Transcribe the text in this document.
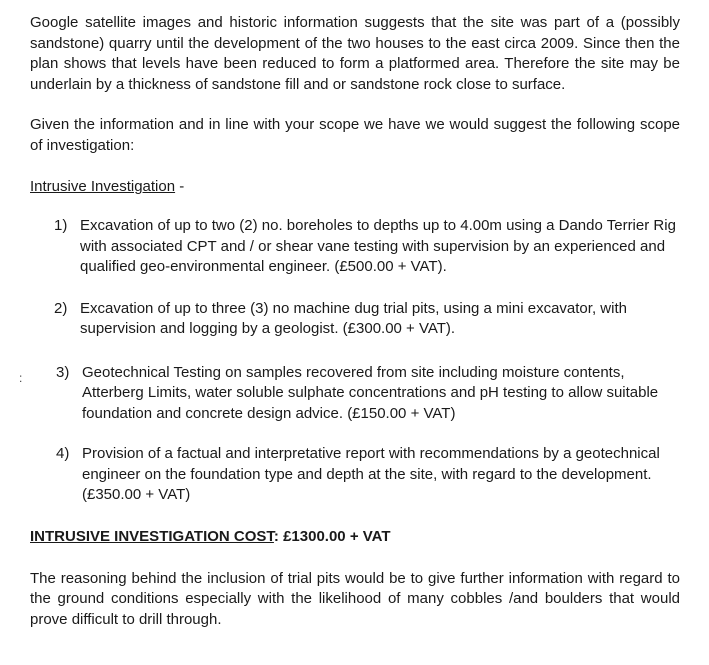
Google satellite images and historic information suggests that the site was part of a (possibly sandstone) quarry until the development of the two houses to the east circa 2009. Since then the plan shows that levels have been reduced to form a platformed area. Therefore the site may be underlain by a thickness of sandstone fill and or sandstone rock close to surface.

Given the information and in line with your scope we have we would suggest the following scope of investigation:

Intrusive Investigation -
1) Excavation of up to two (2) no. boreholes to depths up to 4.00m using a Dando Terrier Rig with associated CPT and / or shear vane testing with supervision by an experienced and qualified geo-environmental engineer. (£500.00 + VAT).
2) Excavation of up to three (3) no machine dug trial pits, using a mini excavator, with supervision and logging by a geologist. (£300.00 + VAT).
3) Geotechnical Testing on samples recovered from site including moisture contents, Atterberg Limits, water soluble sulphate concentrations and pH testing to allow suitable foundation and concrete design advice. (£150.00 + VAT)
4) Provision of a factual and interpretative report with recommendations by a geotechnical engineer on the foundation type and depth at the site, with regard to the development. (£350.00 + VAT)
INTRUSIVE INVESTIGATION COST: £1300.00 + VAT

The reasoning behind the inclusion of trial pits would be to give further information with regard to the ground conditions especially with the likelihood of many cobbles /and boulders that would prove difficult to drill through.

:
